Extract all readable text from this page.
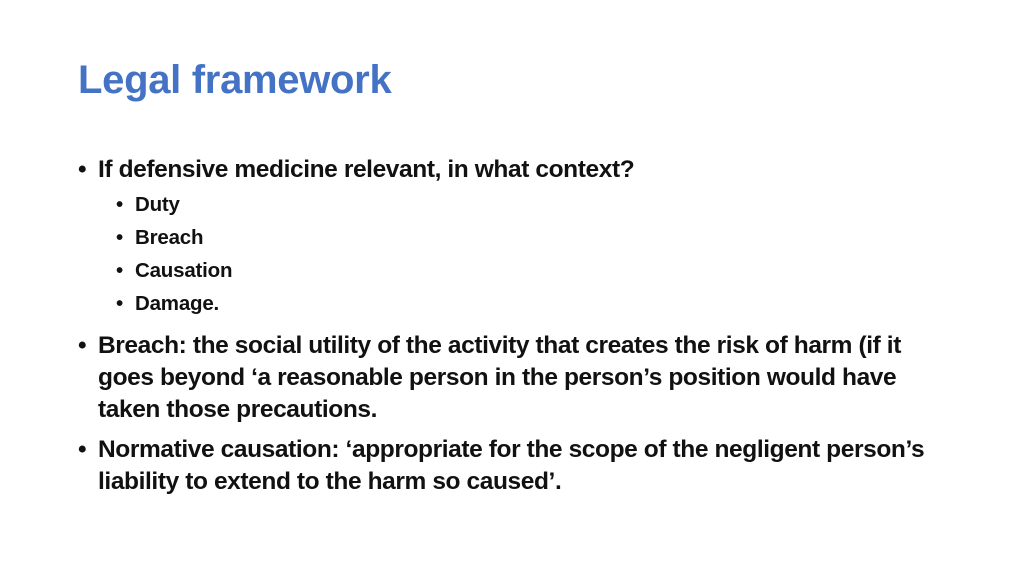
Legal framework
• If defensive medicine relevant, in what context?
• Duty
• Breach
• Causation
• Damage.
• Breach: the social utility of the activity that creates the risk of harm (if it goes beyond ‘a reasonable person in the person’s position would have taken those precautions.
• Normative causation: ‘appropriate for the scope of the negligent person’s liability to extend to the harm so caused’.
